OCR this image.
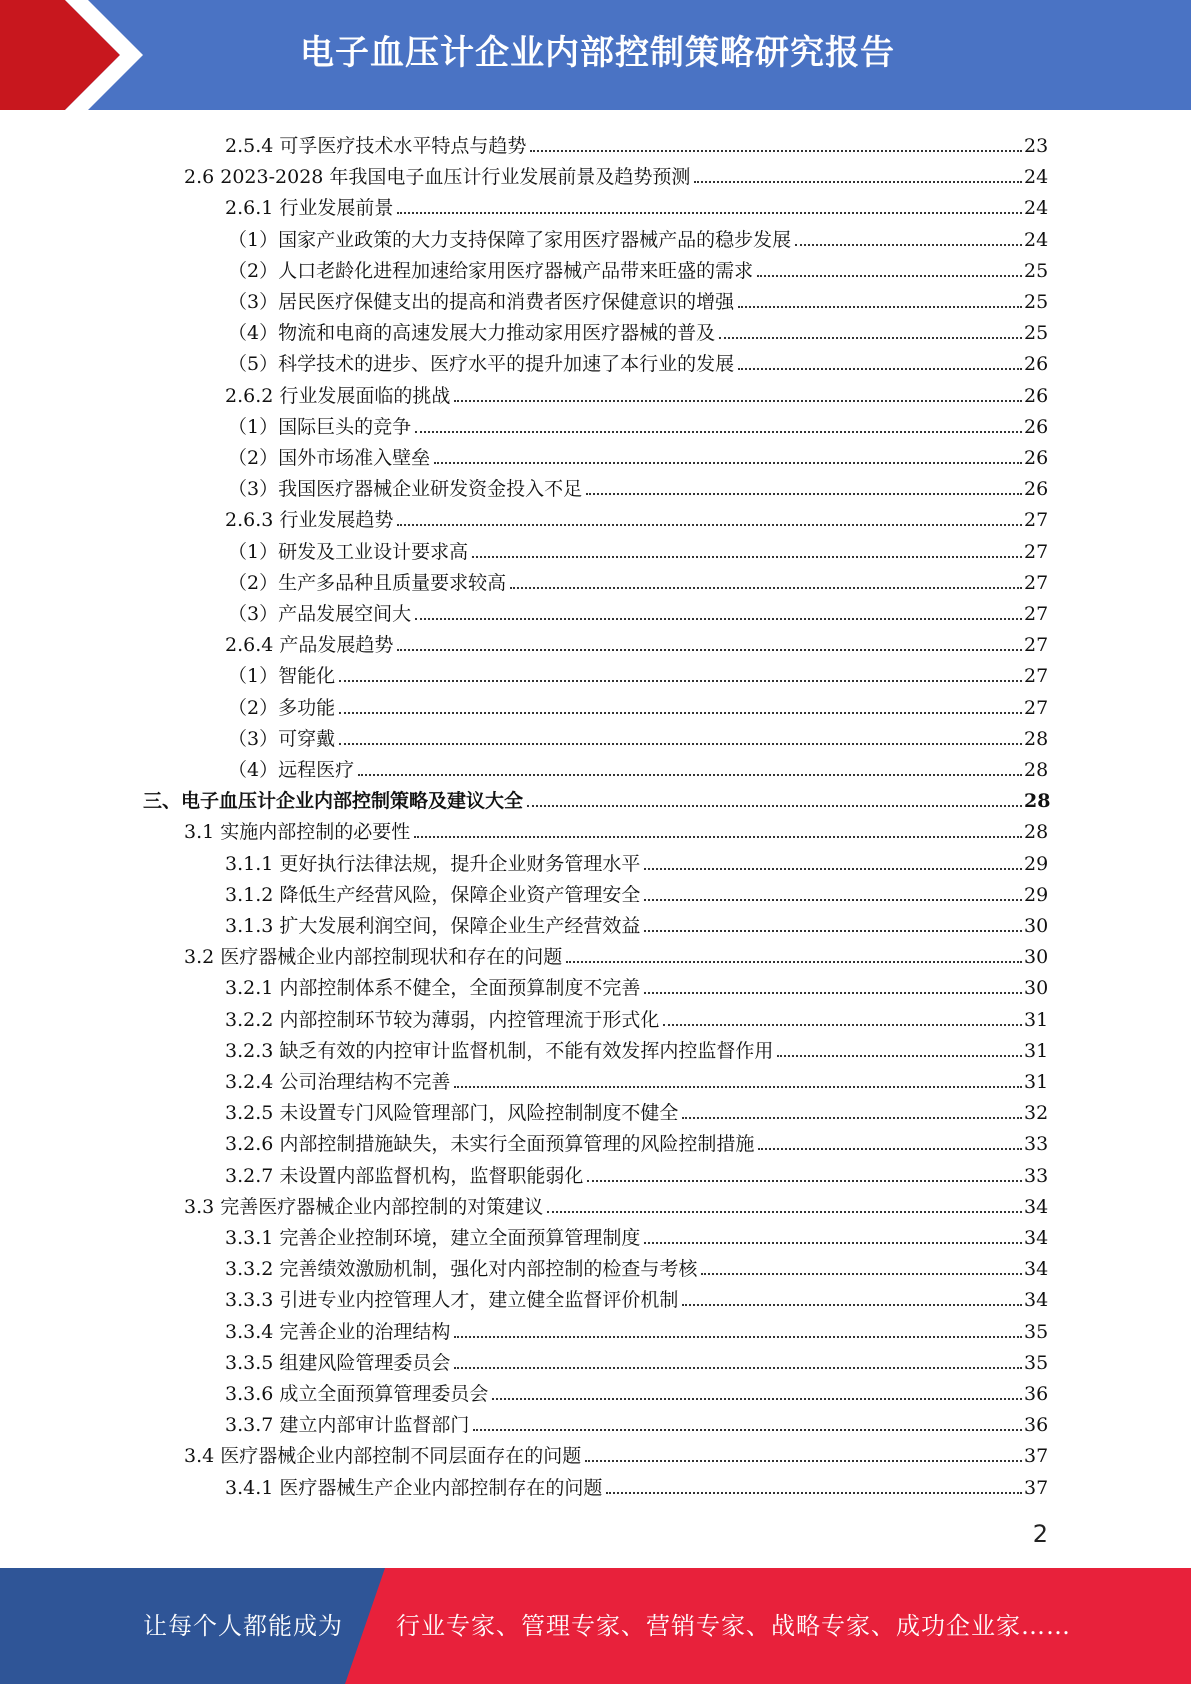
电子血压计企业内部控制策略研究报告
2.5.4 可孚医疗技术水平特点与趋势	23
2.6 2023-2028 年我国电子血压计行业发展前景及趋势预测	24
2.6.1 行业发展前景	24
（1）国家产业政策的大力支持保障了家用医疗器械产品的稳步发展	24
（2）人口老龄化进程加速给家用医疗器械产品带来旺盛的需求	25
（3）居民医疗保健支出的提高和消费者医疗保健意识的增强	25
（4）物流和电商的高速发展大力推动家用医疗器械的普及	25
（5）科学技术的进步、医疗水平的提升加速了本行业的发展	26
2.6.2 行业发展面临的挑战	26
（1）国际巨头的竞争	26
（2）国外市场准入壁垒	26
（3）我国医疗器械企业研发资金投入不足	26
2.6.3 行业发展趋势	27
（1）研发及工业设计要求高	27
（2）生产多品种且质量要求较高	27
（3）产品发展空间大	27
2.6.4 产品发展趋势	27
（1）智能化	27
（2）多功能	27
（3）可穿戴	28
（4）远程医疗	28
三、电子血压计企业内部控制策略及建议大全	28
3.1 实施内部控制的必要性	28
3.1.1 更好执行法律法规，提升企业财务管理水平	29
3.1.2 降低生产经营风险，保障企业资产管理安全	29
3.1.3 扩大发展利润空间，保障企业生产经营效益	30
3.2 医疗器械企业内部控制现状和存在的问题	30
3.2.1 内部控制体系不健全，全面预算制度不完善	30
3.2.2 内部控制环节较为薄弱，内控管理流于形式化	31
3.2.3 缺乏有效的内控审计监督机制，不能有效发挥内控监督作用	31
3.2.4 公司治理结构不完善	31
3.2.5 未设置专门风险管理部门，风险控制制度不健全	32
3.2.6 内部控制措施缺失，未实行全面预算管理的风险控制措施	33
3.2.7 未设置内部监督机构，监督职能弱化	33
3.3 完善医疗器械企业内部控制的对策建议	34
3.3.1 完善企业控制环境，建立全面预算管理制度	34
3.3.2 完善绩效激励机制，强化对内部控制的检查与考核	34
3.3.3 引进专业内控管理人才，建立健全监督评价机制	34
3.3.4 完善企业的治理结构	35
3.3.5 组建风险管理委员会	35
3.3.6 成立全面预算管理委员会	36
3.3.7 建立内部审计监督部门	36
3.4 医疗器械企业内部控制不同层面存在的问题	37
3.4.1 医疗器械生产企业内部控制存在的问题	37
2
让每个人都能成为 行业专家、管理专家、营销专家、战略专家、成功企业家……
